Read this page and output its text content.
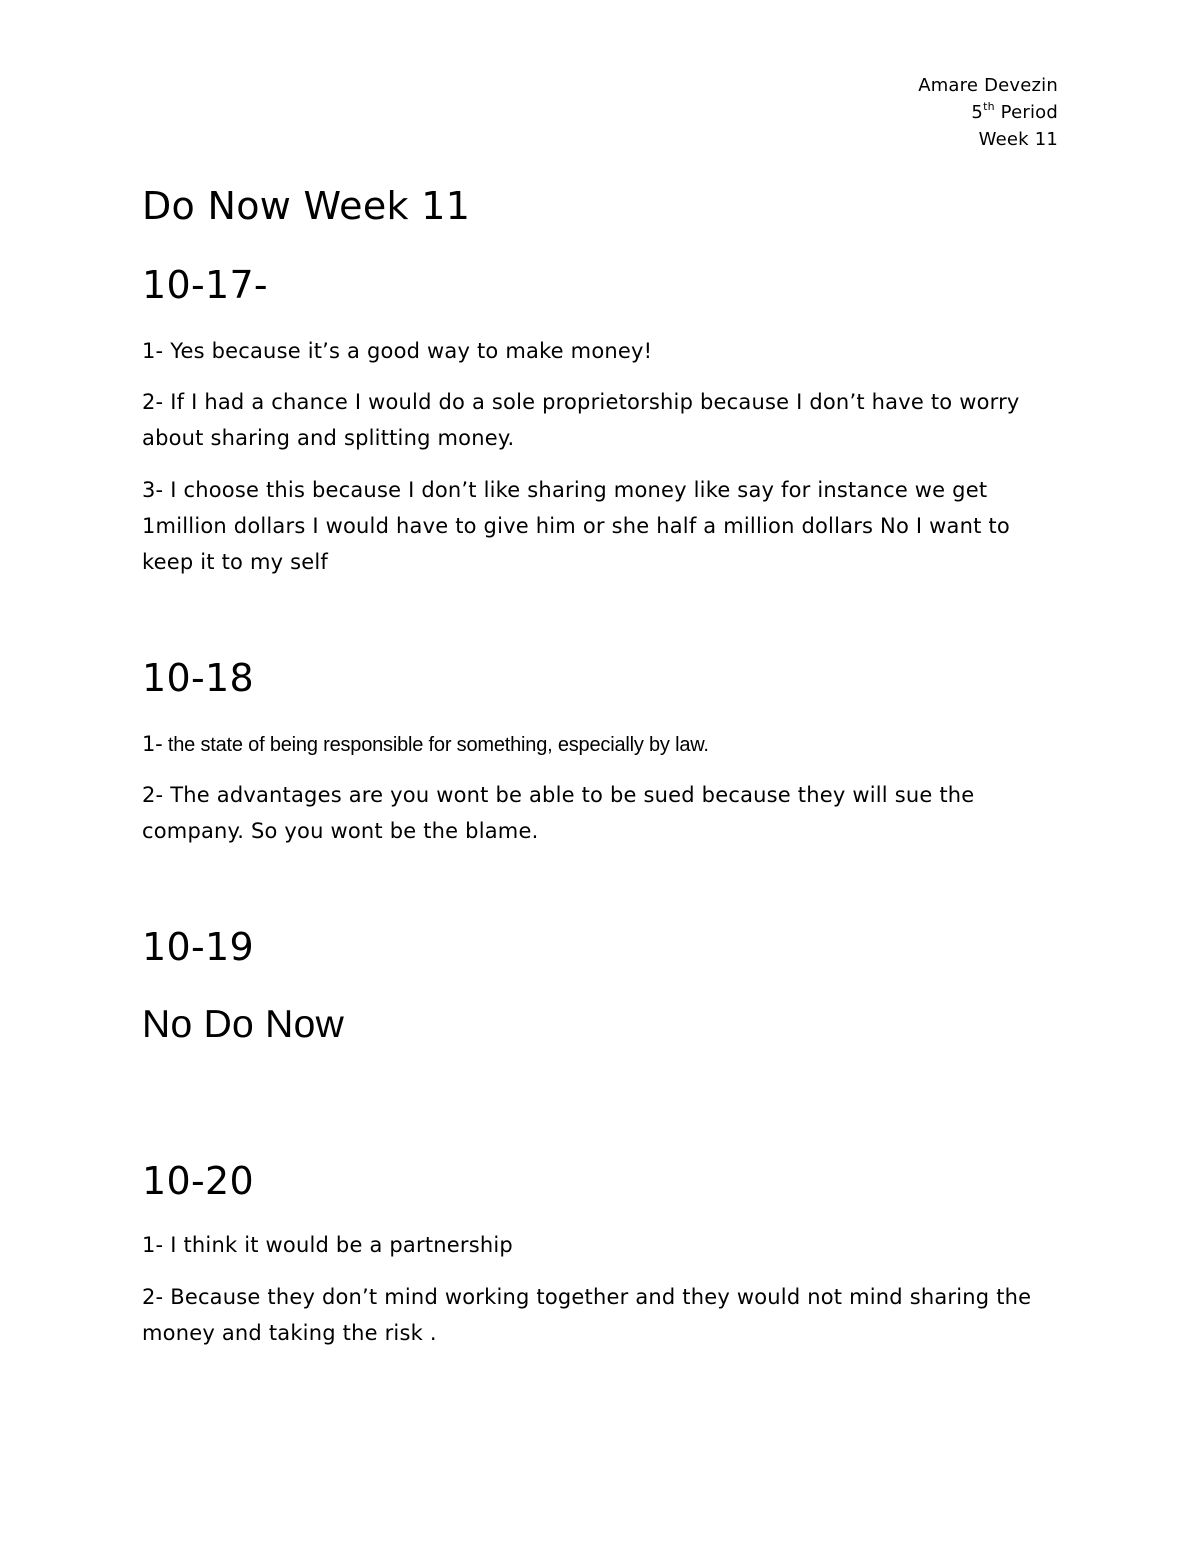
Amare Devezin
5th Period
Week 11
Do Now Week 11
10-17-

1- Yes because it’s a good way to make money!

2- If I had a chance I would do a sole proprietorship because I don’t have to worry about sharing and splitting money.

3- I choose this because I don’t like sharing money like say for instance we get 1million dollars I would have to give him or she half a million dollars No I want to keep it to my self

10-18

1- the state of being responsible for something, especially by law.

2- The advantages are you wont be able to be sued because they will sue the company. So you wont be the blame.

10-19
No Do Now
10-20

1- I think it would be a partnership

2- Because they don’t mind working together and they would not mind sharing the money and taking the risk .
